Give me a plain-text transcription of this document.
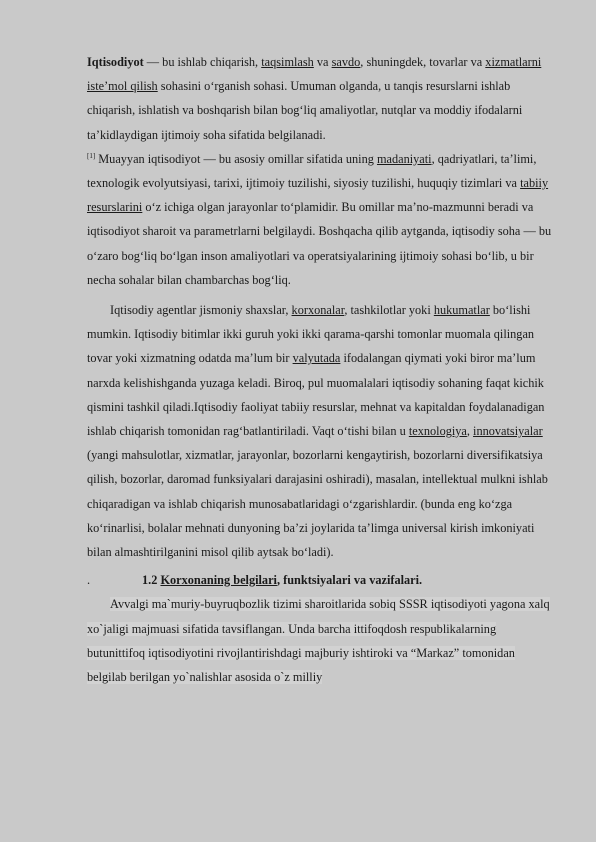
Iqtisodiyot — bu ishlab chiqarish, taqsimlash va savdo, shuningdek, tovarlar va xizmatlarni iste’mol qilish sohasini o‘rganish sohasi. Umuman olganda, u tanqis resurslarni ishlab chiqarish, ishlatish va boshqarish bilan bog‘liq amaliyotlar, nutqlar va moddiy ifodalarni ta’kidlaydigan ijtimoiy soha sifatida belgilanadi.

[1] Muayyan iqtisodiyot — bu asosiy omillar sifatida uning madaniyati, qadriyatlari, ta’limi, texnologik evolyutsiyasi, tarixi, ijtimoiy tuzilishi, siyosiy tuzilishi, huquqiy tizimlari va tabiiy resurslarini o‘z ichiga olgan jarayonlar to‘plamidir. Bu omillar ma’no-mazmunni beradi va iqtisodiyot sharoit va parametrlarni belgilaydi. Boshqacha qilib aytganda, iqtisodiy soha — bu o‘zaro bog‘liq bo‘lgan inson amaliyotlari va operatsiyalarining ijtimoiy sohasi bo‘lib, u bir necha sohalar bilan chambarchas bog‘liq.

Iqtisodiy agentlar jismoniy shaxslar, korxonalar, tashkilotlar yoki hukumatlar bo‘lishi mumkin. Iqtisodiy bitimlar ikki guruh yoki ikki qarama-qarshi tomonlar muomala qilingan tovar yoki xizmatning odatda ma’lum bir valyutada ifodalangan qiymati yoki biror ma’lum narxda kelishishgandа yuzaga keladi. Biroq, pul muomalalari iqtisodiy sohaning faqat kichik qismini tashkil qiladi.Iqtisodiy faoliyat tabiiy resurslar, mehnat va kapitaldan foydalanadigan ishlab chiqarish tomonidan rag‘batlantiriladi. Vaqt o‘tishi bilan u texnologiya, innovatsiyalar (yangi mahsulotlar, xizmatlar, jarayonlar, bozorlarni kengaytirish, bozorlarni diversifikatsiya qilish, bozorlar, daromad funksiyalari darajasini oshiradi), masalan, intellektual mulkni ishlab chiqaradigan va ishlab chiqarish munosabatlaridagi o‘zgarishlardir. (bunda eng ko‘zga ko‘rinarlisi, bolalar mehnati dunyoning ba’zi joylarida ta’limga universal kirish imkoniyati bilan almashtirilganini misol qilib aytsak bo‘ladi).

.	1.2 Korxonaning belgilari, funktsiyalari va vazifalari.

Avvalgi ma`muriy-buyruqbozlik tizimi sharoitlarida sobiq SSSR iqtisodiyoti yagona xalq xo`jaligi majmuasi sifatida tavsiflangan. Unda barcha ittifoqdosh respublikalarning butunittifoq iqtisodiyotini rivojlantirishdagi majburiy ishtiroki va “Markaz” tomonidan belgilab berilgan yo`nalishlar asosida o`z milliy
